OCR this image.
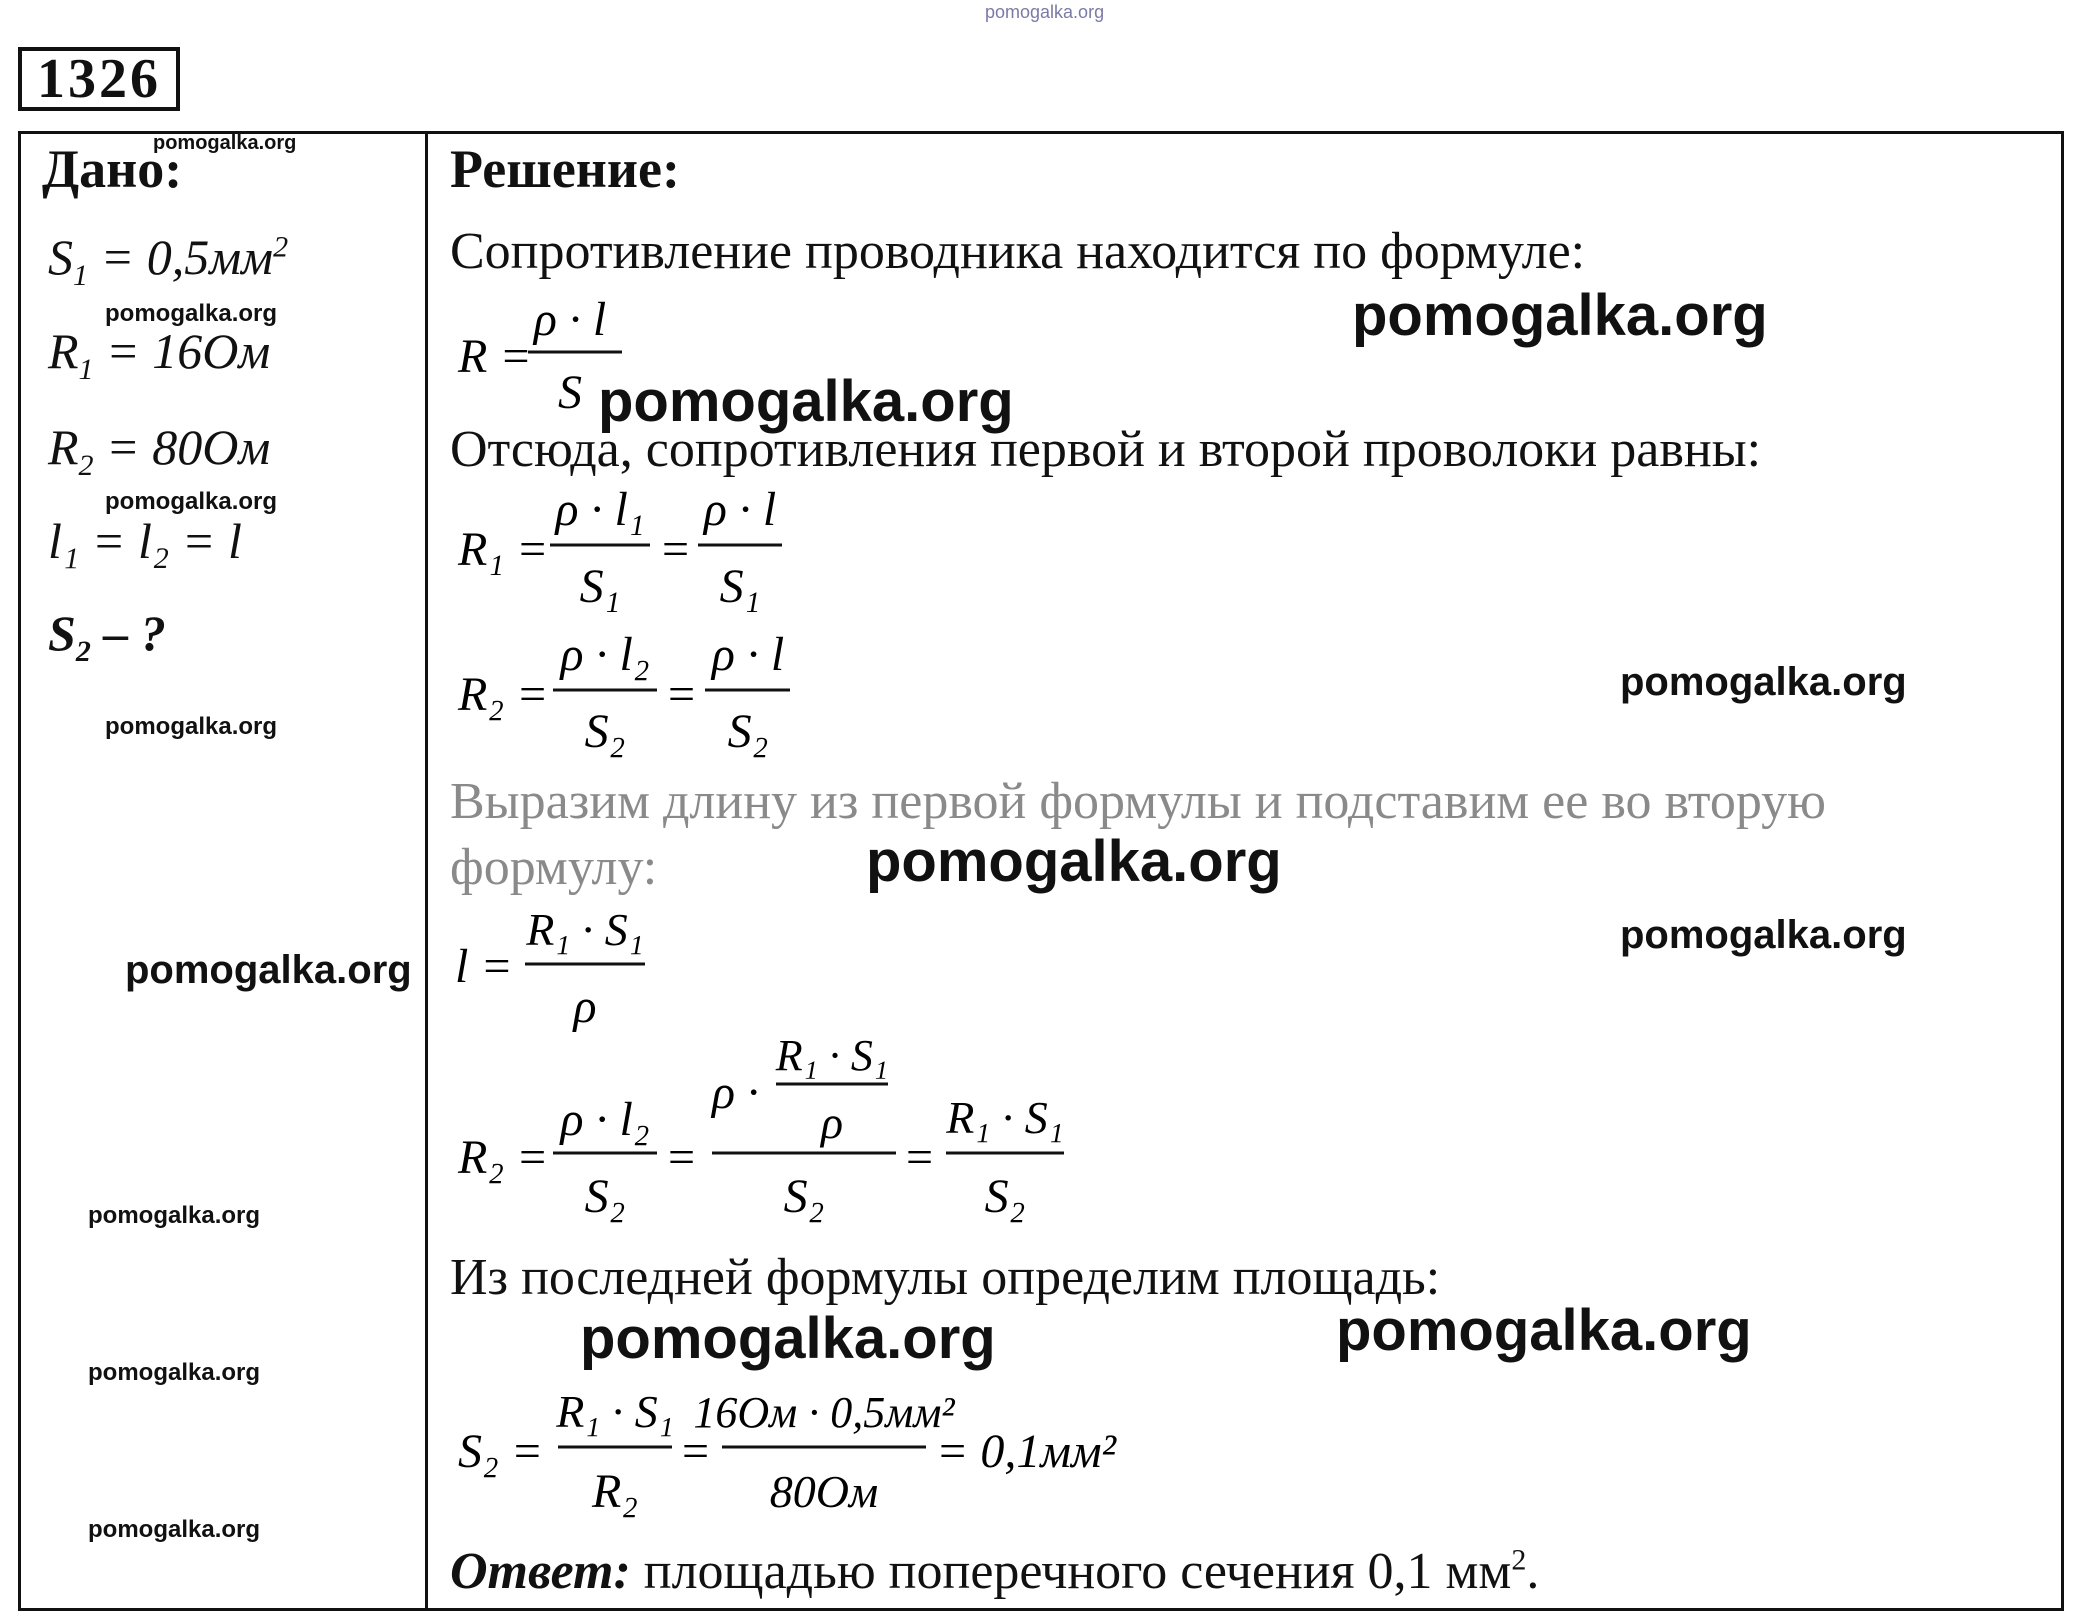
pomogalka.org
1326
Дано:
$S_1 = 0,5мм^2$
$R_1 = 16Ом$
$R_2 = 80Ом$
l₁ = l₂ = l
$S_2$ – ?
pomogalka.org
pomogalka.org
pomogalka.org
pomogalka.org
pomogalka.org
pomogalka.org
pomogalka.org
pomogalka.org
Решение:
Сопротивление проводника находится по формуле:
R =
ρ · l
S
Отсюда, сопротивления первой и второй проволоки равны:
R₁ =
ρ · l₁
S₁
=
ρ · l
S₁
R₂ =
ρ · l₂
S₂
=
ρ · l
S₂
Выразим длину из первой формулы и подставим ее во вторую
формулу:
l =
R₁ · S₁
ρ
R₂ =
ρ · l₂
S₂
=
ρ ·
R₁ · S₁
ρ
S₂
=
R₁ · S₁
S₂
Из последней формулы определим площадь:
S₂ =
R₁ · S₁
R₂
=
16Ом · 0,5мм²
80Ом
= 0,1мм²
Ответ: площадью поперечного сечения 0,1 $мм^2$.
pomogalka.org
pomogalka.org
pomogalka.org
pomogalka.org
pomogalka.org
pomogalka.org	pomogalka.org
